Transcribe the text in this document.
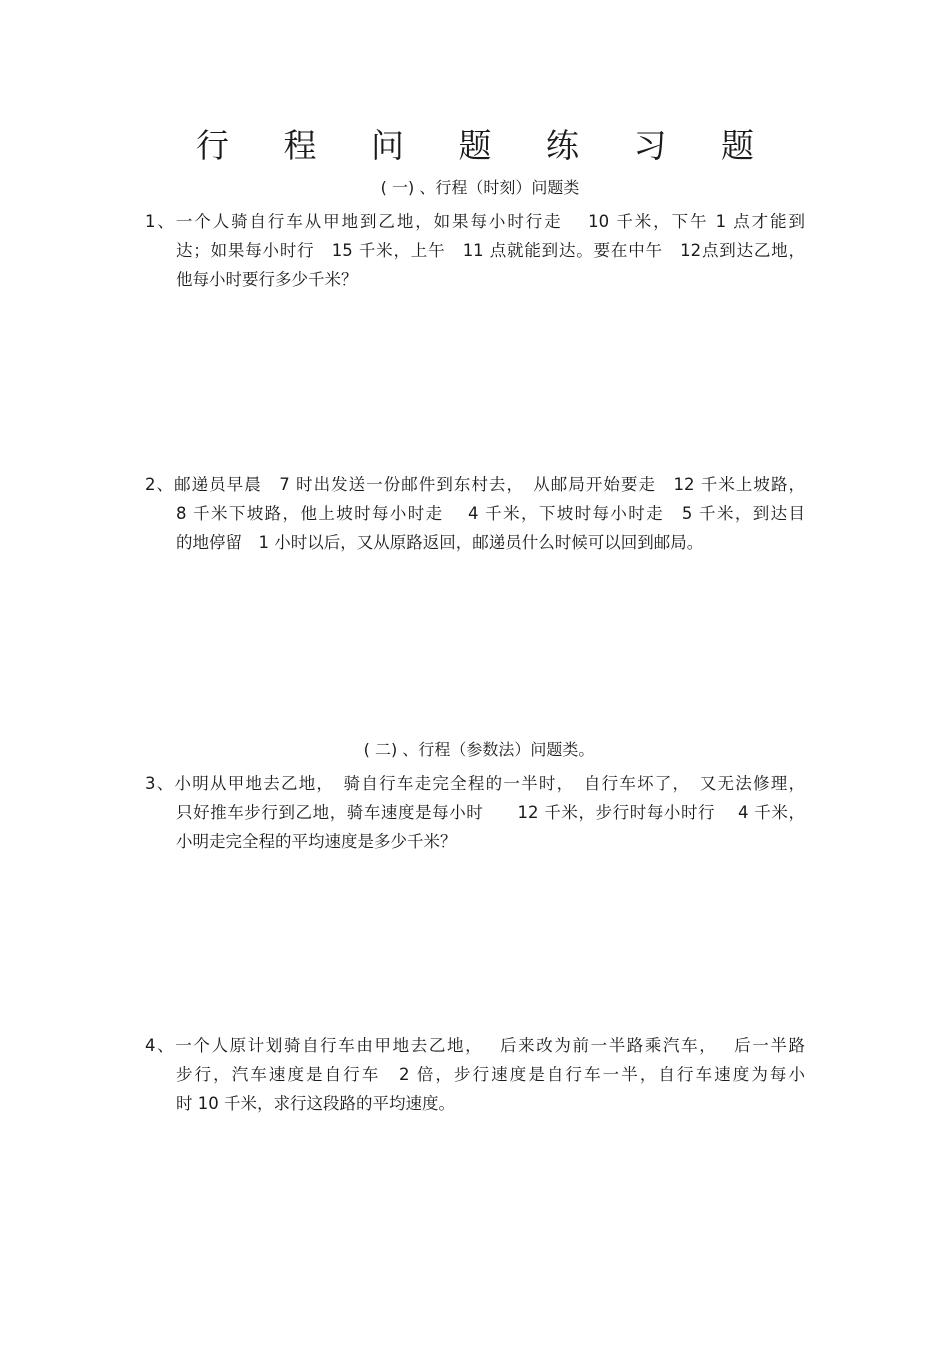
行 程 问 题 练 习 题

( 一) 、行程（时刻）问题类

1、一个人骑自行车从甲地到乙地，如果每小时行走　 10 千米，下午 1 点才能到
达；如果每小时行　15 千米，上午　11 点就能到达。要在中午　12点到达乙地，
他每小时要行多少千米？
2、邮递员早晨　7 时出发送一份邮件到东村去，　从邮局开始要走　12 千米上坡路，
8 千米下坡路，他上坡时每小时走　 4 千米，下坡时每小时走　5 千米，到达目
的地停留　1 小时以后，又从原路返回，邮递员什么时候可以回到邮局。

( 二) 、行程（参数法）问题类。

3、小明从甲地去乙地，　骑自行车走完全程的一半时，　自行车坏了，　又无法修理，
只好推车步行到乙地，骑车速度是每小时　　12 千米，步行时每小时行　 4 千米，
小明走完全程的平均速度是多少千米？
4、一个人原计划骑自行车由甲地去乙地，　 后来改为前一半路乘汽车，　 后一半路
步行，汽车速度是自行车　2 倍，步行速度是自行车一半，自行车速度为每小
时 10 千米，求行这段路的平均速度。
